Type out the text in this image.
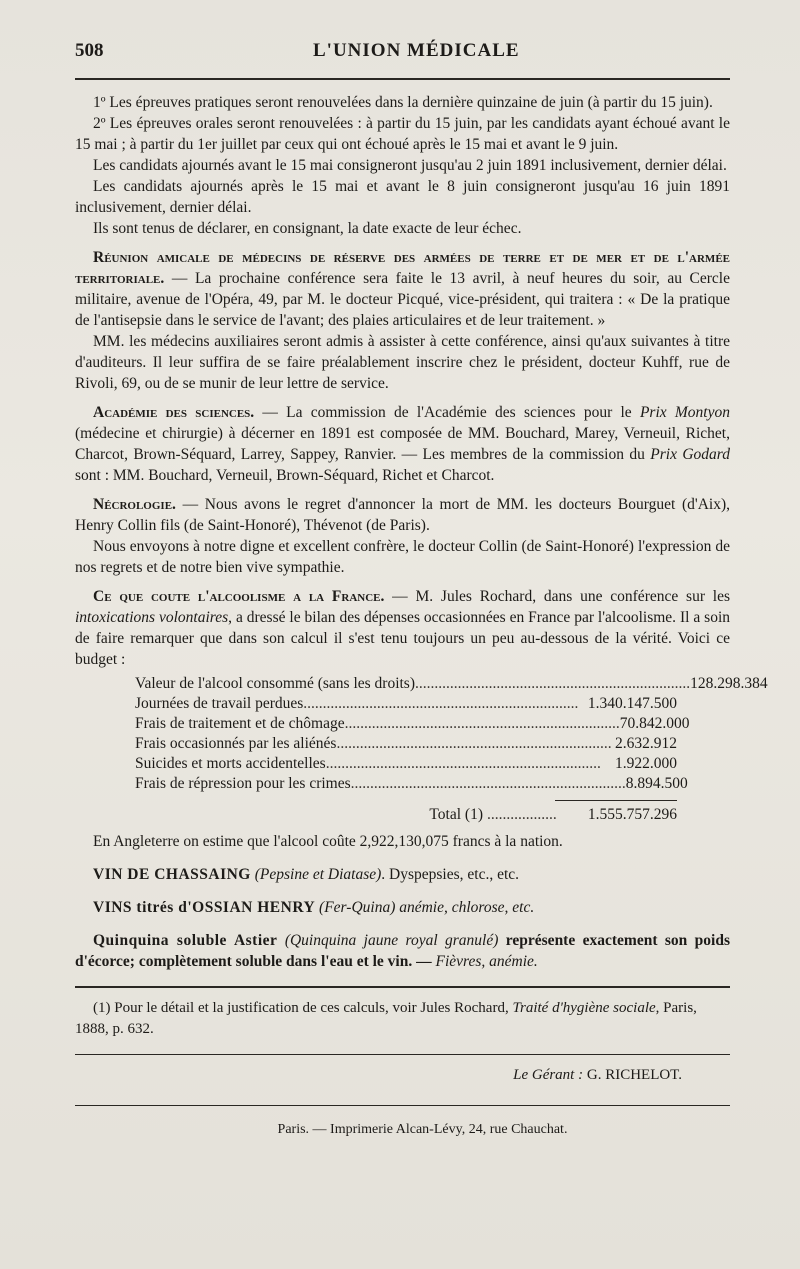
508	L'UNION MÉDICALE

1º Les épreuves pratiques seront renouvelées dans la dernière quinzaine de juin (à partir du 15 juin).

2º Les épreuves orales seront renouvelées : à partir du 15 juin, par les candidats ayant échoué avant le 15 mai ; à partir du 1er juillet par ceux qui ont échoué après le 15 mai et avant le 9 juin.

Les candidats ajournés avant le 15 mai consigneront jusqu'au 2 juin 1891 inclusivement, dernier délai.

Les candidats ajournés après le 15 mai et avant le 8 juin consigneront jusqu'au 16 juin 1891 inclusivement, dernier délai.

Ils sont tenus de déclarer, en consignant, la date exacte de leur échec.

Réunion amicale de médecins de réserve des armées de terre et de mer et de l'armée territoriale. — La prochaine conférence sera faite le 13 avril, à neuf heures du soir, au Cercle militaire, avenue de l'Opéra, 49, par M. le docteur Picqué, vice-président, qui traitera : « De la pratique de l'antisepsie dans le service de l'avant; des plaies articulaires et de leur traitement. »

MM. les médecins auxiliaires seront admis à assister à cette conférence, ainsi qu'aux suivantes à titre d'auditeurs. Il leur suffira de se faire préalablement inscrire chez le président, docteur Kuhff, rue de Rivoli, 69, ou de se munir de leur lettre de service.

Académie des sciences. — La commission de l'Académie des sciences pour le Prix Montyon (médecine et chirurgie) à décerner en 1891 est composée de MM. Bouchard, Marey, Verneuil, Richet, Charcot, Brown-Séquard, Larrey, Sappey, Ranvier. — Les membres de la commission du Prix Godard sont : MM. Bouchard, Verneuil, Brown-Séquard, Richet et Charcot.

Nécrologie. — Nous avons le regret d'annoncer la mort de MM. les docteurs Bourguet (d'Aix), Henry Collin fils (de Saint-Honoré), Thévenot (de Paris).

Nous envoyons à notre digne et excellent confrère, le docteur Collin (de Saint-Honoré) l'expression de nos regrets et de notre bien vive sympathie.

Ce que coute l'alcoolisme a la France. — M. Jules Rochard, dans une conférence sur les intoxications volontaires, a dressé le bilan des dépenses occasionnées en France par l'alcoolisme. Il a soin de faire remarquer que dans son calcul il s'est tenu toujours un peu au-dessous de la vérité. Voici ce budget :

Valeur de l'alcool consommé (sans les droits) ....................................................................... 128.298.384
Journées de travail perdues ....................................................................... 1.340.147.500
Frais de traitement et de chômage ....................................................................... 70.842.000
Frais occasionnés par les aliénés ....................................................................... 2.632.912
Suicides et morts accidentelles ....................................................................... 1.922.000
Frais de répression pour les crimes ....................................................................... 8.894.500
Total (1) ..................	1.555.757.296

En Angleterre on estime que l'alcool coûte 2,922,130,075 francs à la nation.

VIN DE CHASSAING (Pepsine et Diatase). Dyspepsies, etc., etc.

VINS titrés d'OSSIAN HENRY (Fer-Quina) anémie, chlorose, etc.

Quinquina soluble Astier (Quinquina jaune royal granulé) représente exactement son poids d'écorce; complètement soluble dans l'eau et le vin. — Fièvres, anémie.

(1) Pour le détail et la justification de ces calculs, voir Jules Rochard, Traité d'hygiène sociale, Paris, 1888, p. 632.

Le Gérant : G. RICHELOT.
Paris. — Imprimerie Alcan-Lévy, 24, rue Chauchat.
